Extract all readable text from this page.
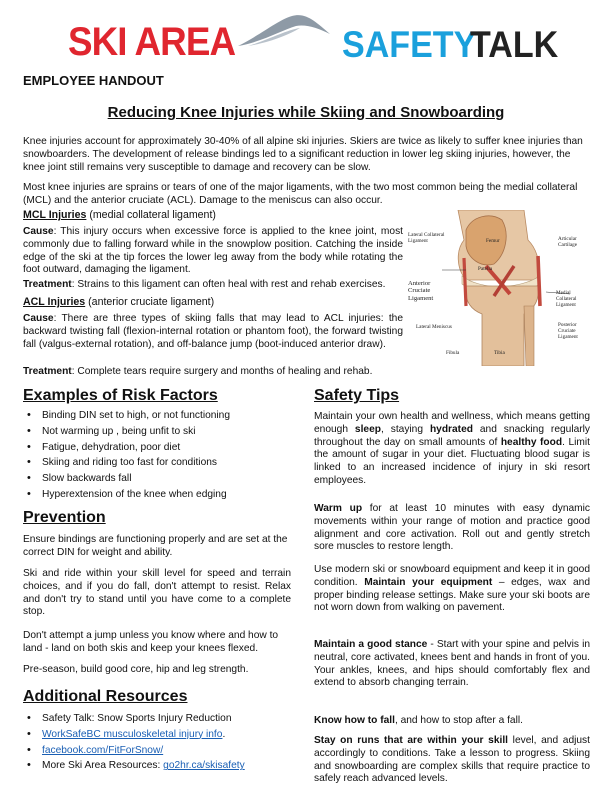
SKI AREA	SAFETY
TALK
EMPLOYEE HANDOUT
Reducing Knee Injuries while Skiing and Snowboarding

Knee injuries account for approximately 30-40% of all alpine ski injuries. Skiers are twice as likely to suffer knee injuries than snowboarders. The development of release bindings led to a significant reduction in lower leg skiing injuries, however, the knee joint still remains very susceptible to damage and recovery can be slow.

Most knee injuries are sprains or tears of one of the major ligaments, with the two most common being the medial collateral (MCL) and the anterior cruciate (ACL). Damage to the meniscus can also occur.

MCL Injuries (medial collateral ligament)

Cause: This injury occurs when excessive force is applied to the knee joint, most commonly due to falling forward while in the snowplow position. Catching the inside edge of the ski at the tip forces the lower leg away from the body while rotating the foot outward, damaging the ligament.

Treatment: Strains to this ligament can often heal with rest and rehab exercises.

ACL Injuries (anterior cruciate ligament)

Cause: There are three types of skiing falls that may lead to ACL injuries: the backward twisting fall (flexion-internal rotation or phantom foot), the forward twisting fall (valgus-external rotation), and off-balance jump (boot-induced anterior draw).

Treatment: Complete tears require surgery and months of healing and rehab.

Lateral Collateral Ligament	Femur	Articular Cartilage
Patella
Anterior Cruciate Ligament
Medial Collateral Ligament
Lateral Meniscus	Posterior Cruciate Ligament
Tibia
Fibula
Examples of Risk Factors
• Binding DIN set to high, or not functioning
• Not warming up , being unfit to ski
• Fatigue, dehydration, poor diet
• Skiing and riding too fast for conditions
• Slow backwards fall
• Hyperextension of the knee when edging
Prevention

Ensure bindings are functioning properly and are set at the correct DIN for weight and ability.

Ski and ride within your skill level for speed and terrain choices, and if you do fall, don't attempt to resist. Relax and don't try to stand until you have come to a complete stop.

Don't attempt a jump unless you know where and how to land - land on both skis and keep your knees flexed.

Pre-season, build good core, hip and leg strength.

Additional Resources
• Safety Talk: Snow Sports Injury Reduction
• WorkSafeBC musculoskeletal injury info.
• facebook.com/FitForSnow/
• More Ski Area Resources: go2hr.ca/skisafety
Safety Tips

Maintain your own health and wellness, which means getting enough sleep, staying hydrated and snacking regularly throughout the day on small amounts of healthy food. Limit the amount of sugar in your diet. Fluctuating blood sugar is linked to an increased incidence of injury in ski resort employees.

Warm up for at least 10 minutes with easy dynamic movements within your range of motion and practice good alignment and core activation. Roll out and gently stretch sore muscles to restore length.

Use modern ski or snowboard equipment and keep it in good condition. Maintain your equipment – edges, wax and proper binding release settings. Make sure your ski boots are not worn down from walking on pavement.

Maintain a good stance - Start with your spine and pelvis in neutral, core activated, knees bent and hands in front of you. Your ankles, knees, and hips should comfortably flex and extend to absorb changing terrain.

Know how to fall, and how to stop after a fall.

Stay on runs that are within your skill level, and adjust accordingly to conditions. Take a lesson to progress. Skiing and snowboarding are complex skills that require practice to safely reach advanced levels.
